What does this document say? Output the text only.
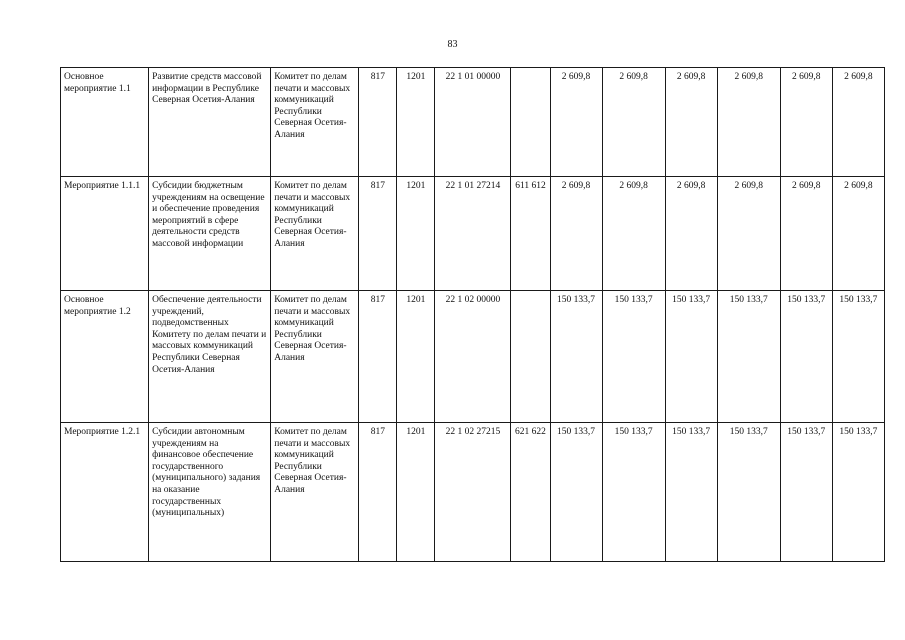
83
Основное мероприятие 1.1	Развитие средств массовой информации в Республике Северная Осетия-Алания	Комитет по делам печати и массовых коммуникаций Республики Северная Осетия-Алания	817	1201	22 1 01 00000		2 609,8	2 609,8	2 609,8	2 609,8	2 609,8	2 609,8
Мероприятие 1.1.1	Субсидии бюджетным учреждениям на освещение и обеспечение проведения мероприятий в сфере деятельности средств массовой информации	Комитет по делам печати и массовых коммуникаций Республики Северная Осетия-Алания	817	1201	22 1 01 27214	611 612	2 609,8	2 609,8	2 609,8	2 609,8	2 609,8	2 609,8
Основное мероприятие 1.2	Обеспечение деятельности учреждений, подведомственных Комитету по делам печати и массовых коммуникаций Республики Северная Осетия-Алания	Комитет по делам печати и массовых коммуникаций Республики Северная Осетия-Алания	817	1201	22 1 02 00000		150 133,7	150 133,7	150 133,7	150 133,7	150 133,7	150 133,7
Мероприятие 1.2.1	Субсидии автономным учреждениям на финансовое обеспечение государственного (муниципального) задания на оказание государственных (муниципальных)	Комитет по делам печати и массовых коммуникаций Республики Северная Осетия-Алания	817	1201	22 1 02 27215	621 622	150 133,7	150 133,7	150 133,7	150 133,7	150 133,7	150 133,7
